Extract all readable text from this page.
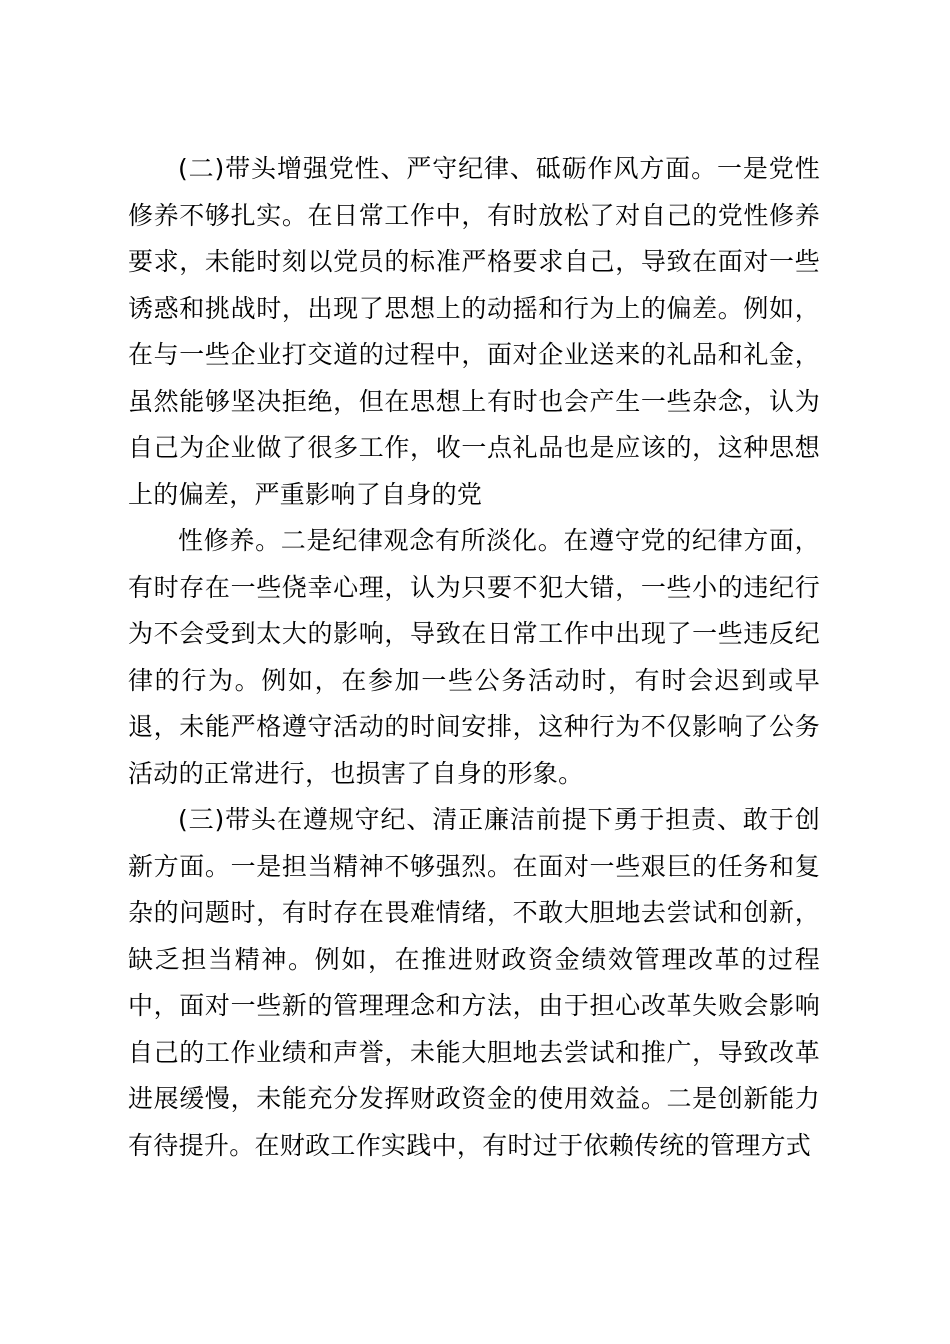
(二)带头增强党性、严守纪律、砥砺作风方面。一是党性修养不够扎实。在日常工作中，有时放松了对自己的党性修养要求，未能时刻以党员的标准严格要求自己，导致在面对一些诱惑和挑战时，出现了思想上的动摇和行为上的偏差。例如，在与一些企业打交道的过程中，面对企业送来的礼品和礼金，虽然能够坚决拒绝，但在思想上有时也会产生一些杂念，认为自己为企业做了很多工作，收一点礼品也是应该的，这种思想上的偏差，严重影响了自身的党

性修养。二是纪律观念有所淡化。在遵守党的纪律方面，有时存在一些侥幸心理，认为只要不犯大错，一些小的违纪行为不会受到太大的影响，导致在日常工作中出现了一些违反纪律的行为。例如，在参加一些公务活动时，有时会迟到或早退，未能严格遵守活动的时间安排，这种行为不仅影响了公务活动的正常进行，也损害了自身的形象。

(三)带头在遵规守纪、清正廉洁前提下勇于担责、敢于创新方面。一是担当精神不够强烈。在面对一些艰巨的任务和复杂的问题时，有时存在畏难情绪，不敢大胆地去尝试和创新，缺乏担当精神。例如，在推进财政资金绩效管理改革的过程中，面对一些新的管理理念和方法，由于担心改革失败会影响自己的工作业绩和声誉，未能大胆地去尝试和推广，导致改革进展缓慢，未能充分发挥财政资金的使用效益。二是创新能力有待提升。在财政工作实践中，有时过于依赖传统的管理方式
